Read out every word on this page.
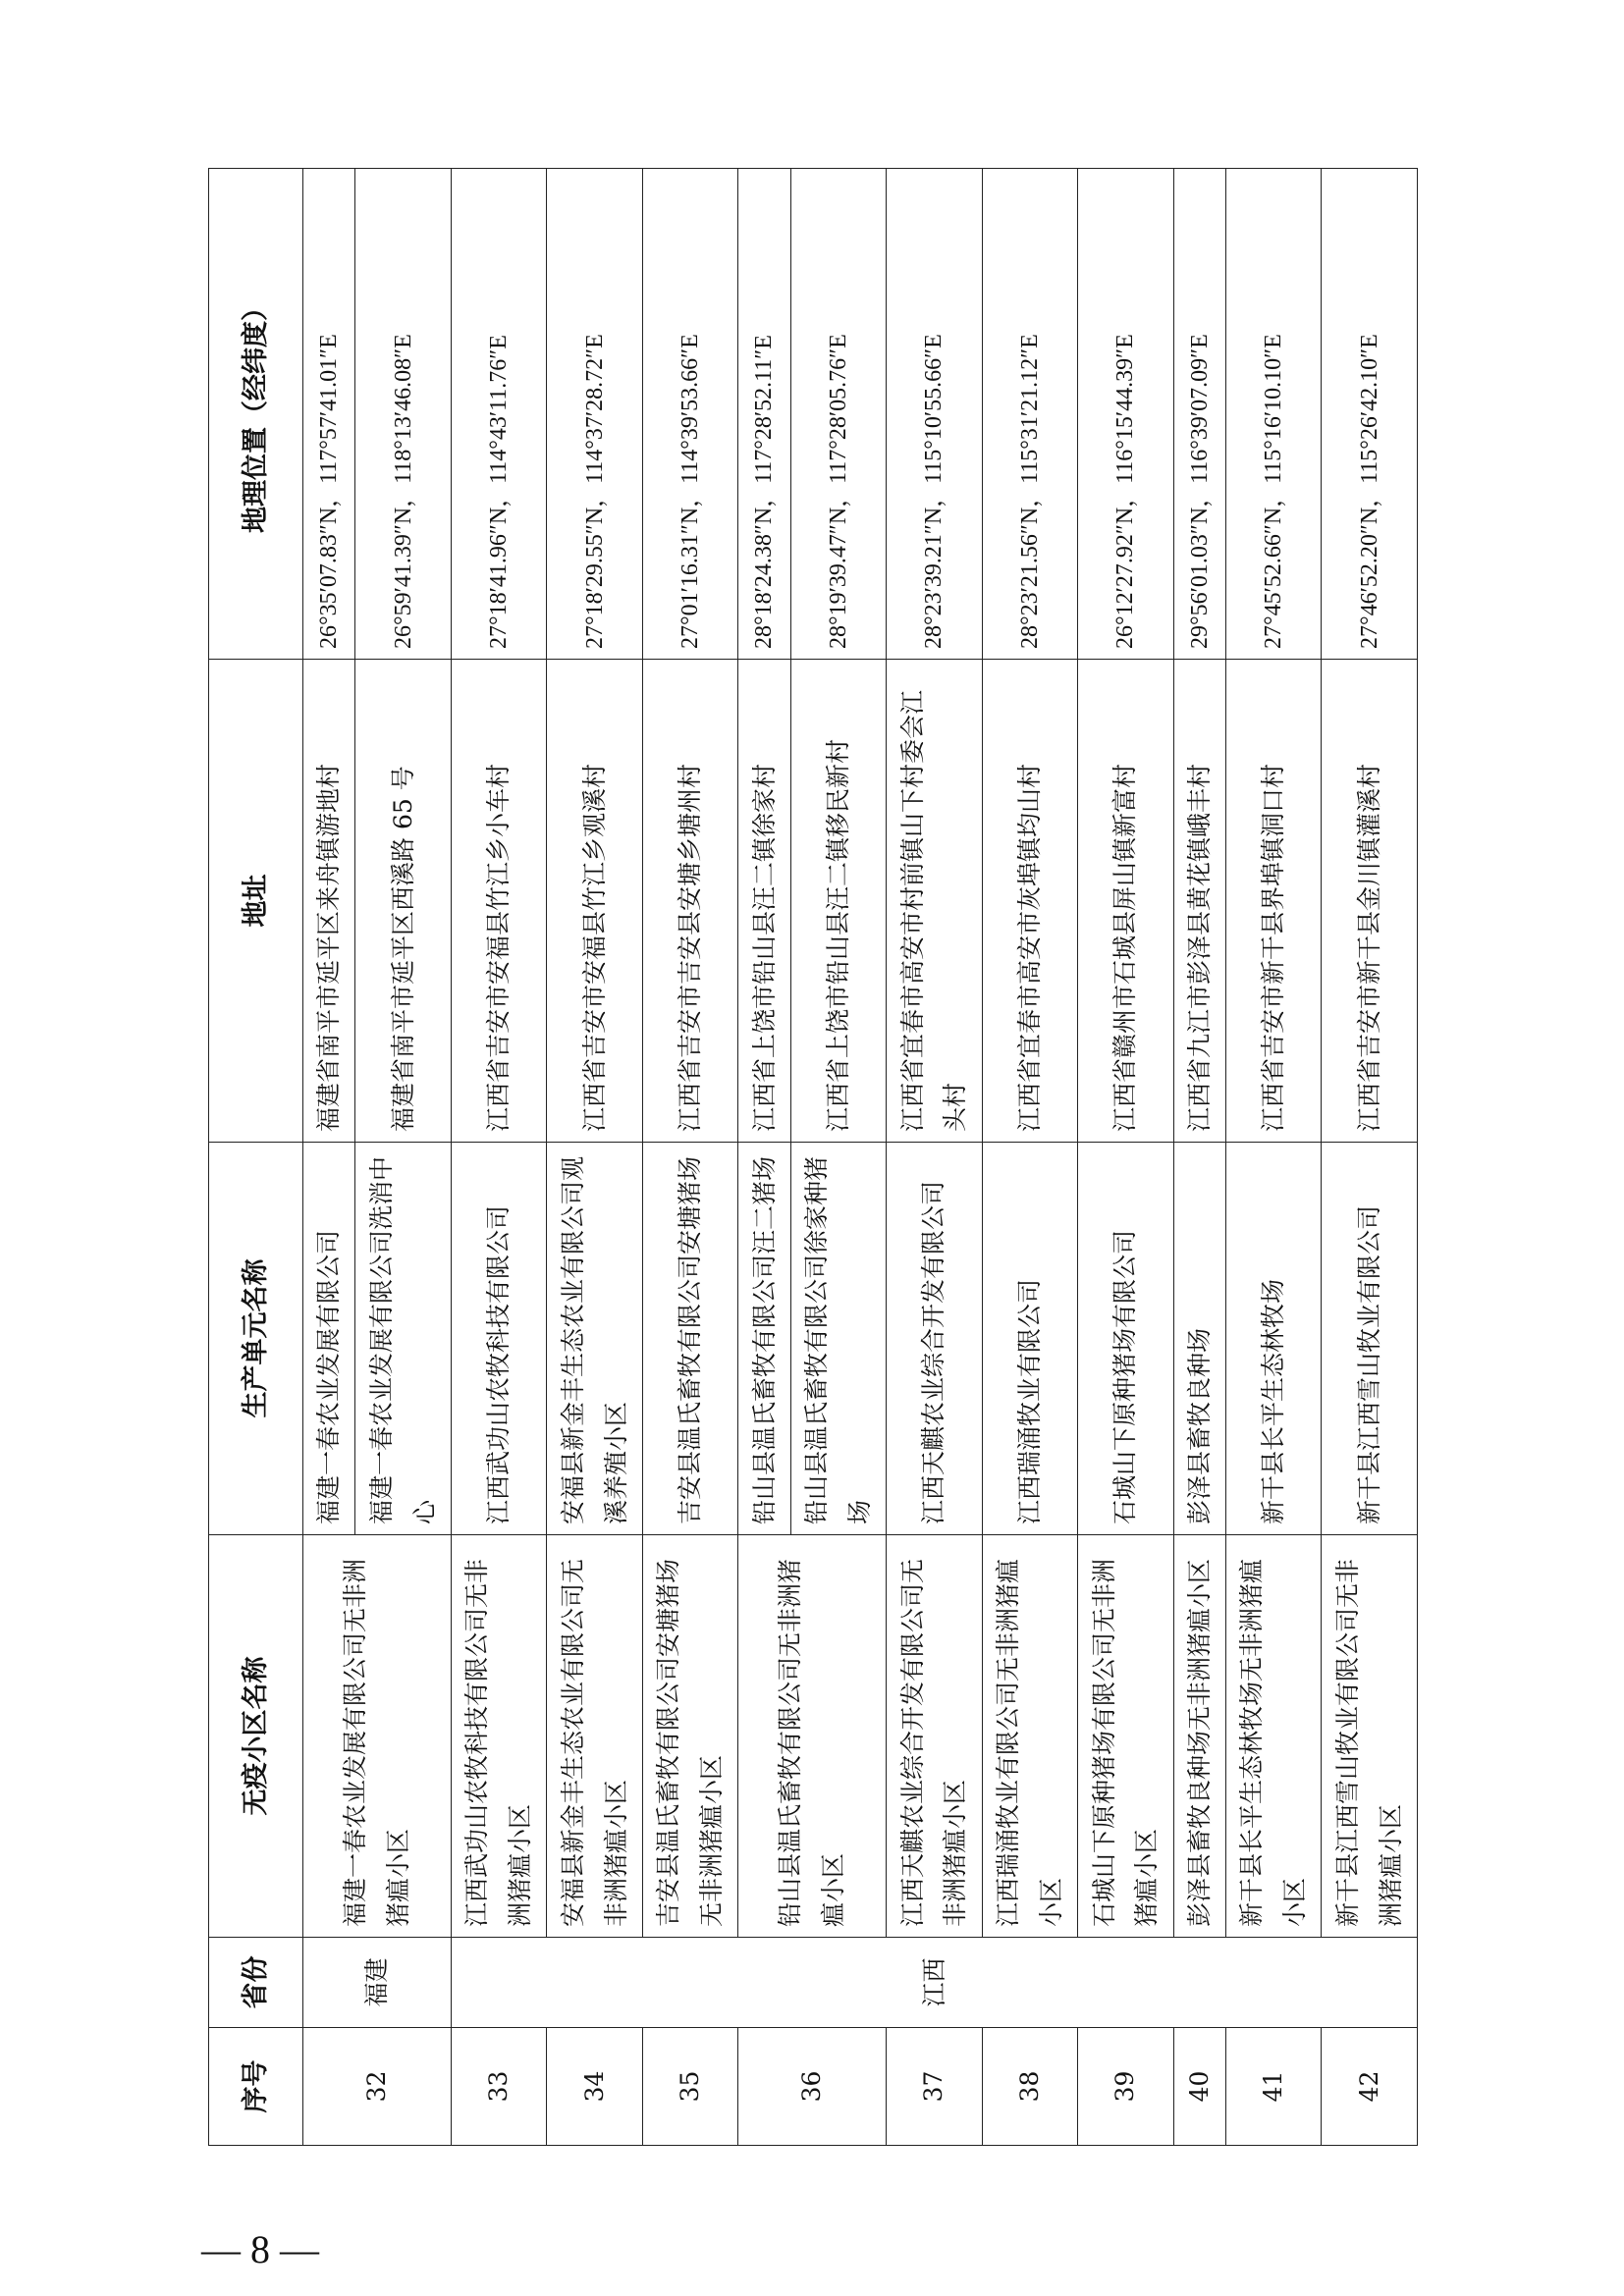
序号	省份	无疫小区名称	生产单元名称	地址	地理位置（经纬度）
32	福建	福建一春农业发展有限公司无非洲猪瘟小区	福建一春农业发展有限公司	福建省南平市延平区来舟镇游地村	26°35′07.83″N，117°57′41.01″E
			福建一春农业发展有限公司洗消中心	福建省南平市延平区西溪路 65 号	26°59′41.39″N，118°13′46.08″E
33	江西	江西武功山农牧科技有限公司无非洲猪瘟小区	江西武功山农牧科技有限公司	江西省吉安市安福县竹江乡小车村	27°18′41.96″N，114°43′11.76″E
34		安福县新金丰生态农业有限公司无非洲猪瘟小区	安福县新金丰生态农业有限公司观溪养殖小区	江西省吉安市安福县竹江乡观溪村	27°18′29.55″N，114°37′28.72″E
35		吉安县温氏畜牧有限公司安塘猪场无非洲猪瘟小区	吉安县温氏畜牧有限公司安塘猪场	江西省吉安市吉安县安塘乡塘州村	27°01′16.31″N，114°39′53.66″E
36		铅山县温氏畜牧有限公司无非洲猪瘟小区	铅山县温氏畜牧有限公司汪二猪场	江西省上饶市铅山县汪二镇徐家村	28°18′24.38″N，117°28′52.11″E
			铅山县温氏畜牧有限公司徐家种猪场	江西省上饶市铅山县汪二镇移民新村	28°19′39.47″N，117°28′05.76″E
37		江西天麒农业综合开发有限公司无非洲猪瘟小区	江西天麒农业综合开发有限公司	江西省宜春市高安市村前镇山下村委会江头村	28°23′39.21″N，115°10′55.66″E
38		江西瑞涌牧业有限公司无非洲猪瘟小区	江西瑞涌牧业有限公司	江西省宜春市高安市灰埠镇均山村	28°23′21.56″N，115°31′21.12″E
39		石城山下原种猪场有限公司无非洲猪瘟小区	石城山下原种猪场有限公司	江西省赣州市石城县屏山镇新富村	26°12′27.92″N，116°15′44.39″E
40		彭泽县畜牧良种场无非洲猪瘟小区	彭泽县畜牧良种场	江西省九江市彭泽县黄花镇峨丰村	29°56′01.03″N，116°39′07.09″E
41		新干县长平生态林牧场无非洲猪瘟小区	新干县长平生态林牧场	江西省吉安市新干县界埠镇洞口村	27°45′52.66″N，115°16′10.10″E
42		新干县江西雪山牧业有限公司无非洲猪瘟小区	新干县江西雪山牧业有限公司	江西省吉安市新干县金川镇灌溪村	27°46′52.20″N，115°26′42.10″E
— 8 —
